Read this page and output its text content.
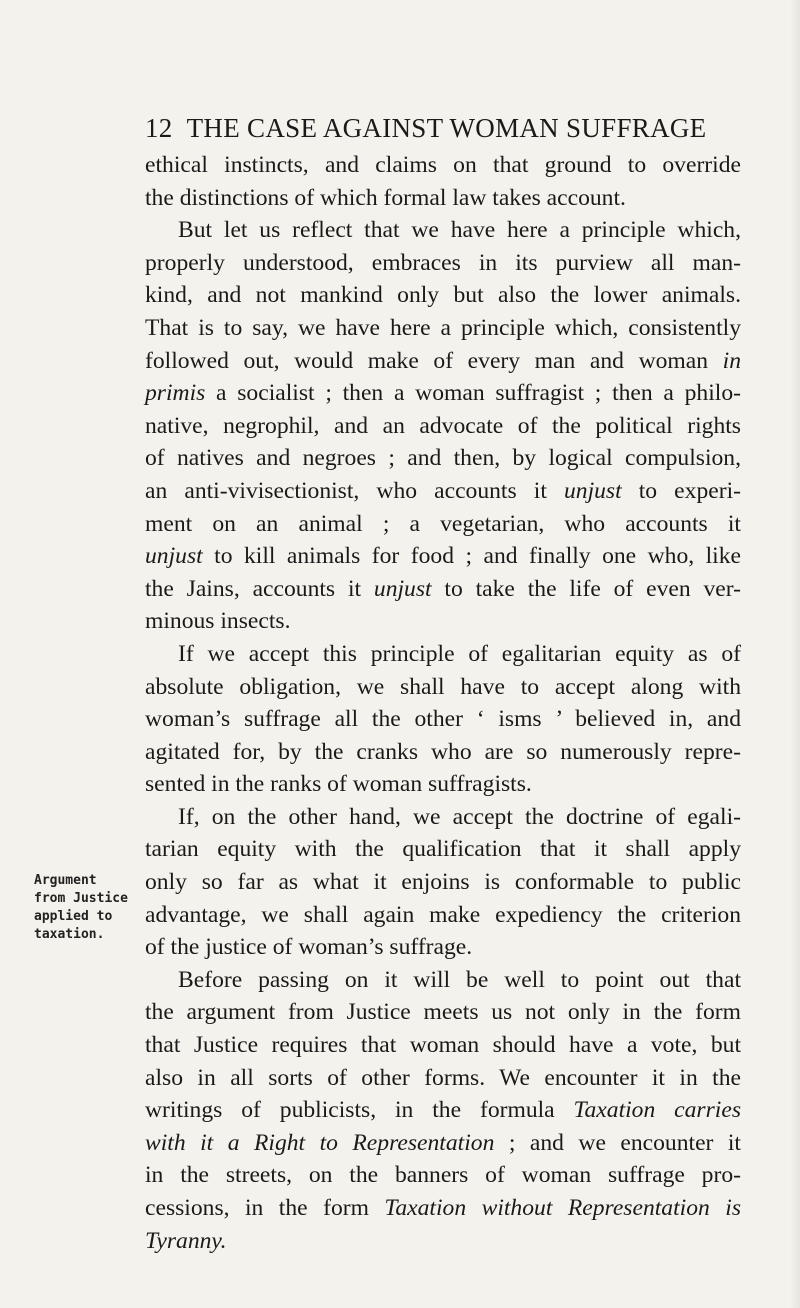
12 THE CASE AGAINST WOMAN SUFFRAGE
Argument
from Justice
applied to
taxation.
ethical instincts, and claims on that ground to override
the distinctions of which formal law takes account.
But let us reflect that we have here a principle which,
properly understood, embraces in its purview all man-
kind, and not mankind only but also the lower animals.
That is to say, we have here a principle which, consistently
followed out, would make of every man and woman in
primis a socialist ; then a woman suffragist ; then a philo-
native, negrophil, and an advocate of the political rights
of natives and negroes ; and then, by logical compulsion,
an anti-vivisectionist, who accounts it unjust to experi-
ment on an animal ; a vegetarian, who accounts it
unjust to kill animals for food ; and finally one who, like
the Jains, accounts it unjust to take the life of even ver-
minous insects.
If we accept this principle of egalitarian equity as of
absolute obligation, we shall have to accept along with
woman’s suffrage all the other ‘ isms ’ believed in, and
agitated for, by the cranks who are so numerously repre-
sented in the ranks of woman suffragists.
If, on the other hand, we accept the doctrine of egali-
tarian equity with the qualification that it shall apply
only so far as what it enjoins is conformable to public
advantage, we shall again make expediency the criterion
of the justice of woman’s suffrage.
Before passing on it will be well to point out that
the argument from Justice meets us not only in the form
that Justice requires that woman should have a vote, but
also in all sorts of other forms. We encounter it in the
writings of publicists, in the formula Taxation carries
with it a Right to Representation ; and we encounter it
in the streets, on the banners of woman suffrage pro-
cessions, in the form Taxation without Representation is
Tyranny.
